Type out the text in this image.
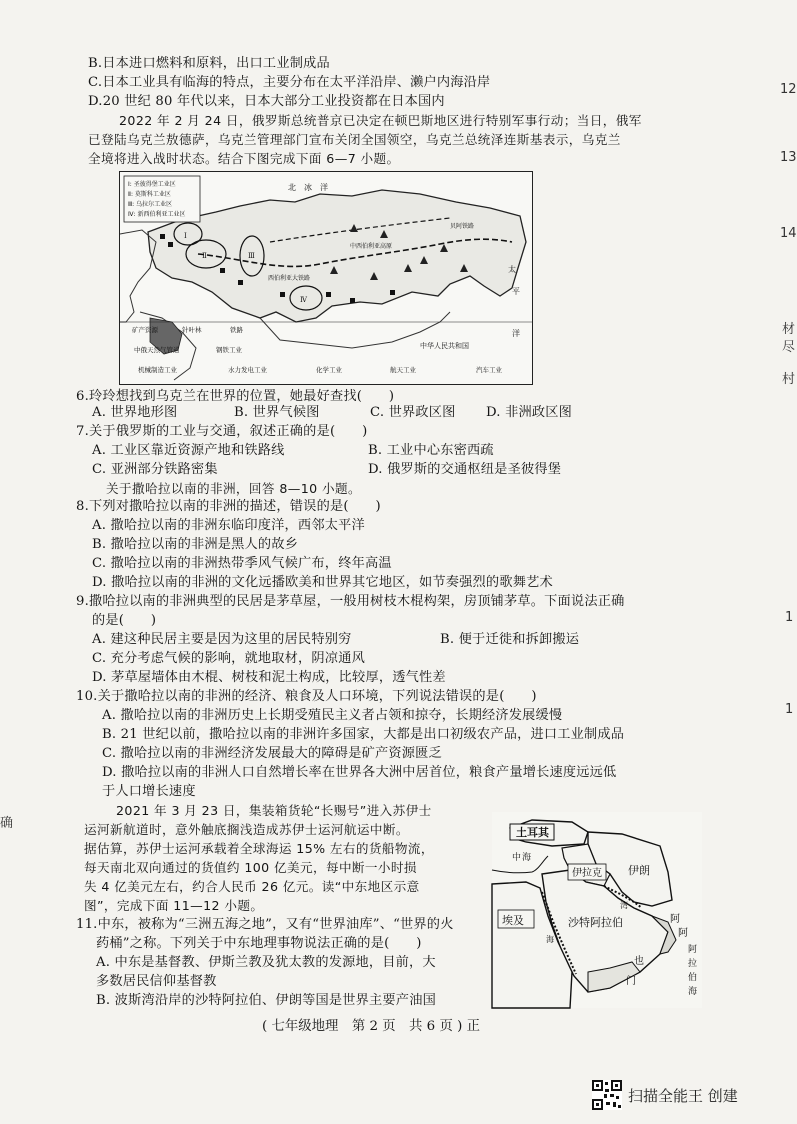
B.日本进口燃料和原料，出口工业制成品
C.日本工业具有临海的特点，主要分布在太平洋沿岸、濑户内海沿岸
D.20 世纪 80 年代以来，日本大部分工业投资都在日本国内
2022 年 2 月 24 日，俄罗斯总统普京已决定在顿巴斯地区进行特别军事行动；当日，俄军
已登陆乌克兰敖德萨，乌克兰管理部门宣布关闭全国领空，乌克兰总统泽连斯基表示，乌克兰
全境将进入战时状态。结合下图完成下面 6—7 小题。
Ⅰ: 圣彼得堡工业区
Ⅱ: 莫斯科工业区
Ⅲ: 乌拉尔工业区
Ⅳ: 新西伯利亚工业区
北　冰　洋
太
平
洋
中华人民共和国
西伯利亚大铁路
中西伯利亚高原
贝阿铁路
Ⅰ
Ⅱ	Ⅲ
Ⅳ
矿产资源	针叶林	铁路
中俄天然气管道	钢铁工业
机械制造工业	水力发电工业	化学工业	航天工业	汽车工业
6.玲玲想找到乌克兰在世界的位置，她最好查找(　　)
A. 世界地形图	B. 世界气候图	C. 世界政区图 D. 非洲政区图
7.关于俄罗斯的工业与交通，叙述正确的是(　　)
A. 工业区靠近资源产地和铁路线	B. 工业中心东密西疏
C. 亚洲部分铁路密集	D. 俄罗斯的交通枢纽是圣彼得堡
关于撒哈拉以南的非洲，回答 8—10 小题。
8.下列对撒哈拉以南的非洲的描述，错误的是(　　)
A. 撒哈拉以南的非洲东临印度洋，西邻太平洋
B. 撒哈拉以南的非洲是黑人的故乡
C. 撒哈拉以南的非洲热带季风气候广布，终年高温
D. 撒哈拉以南的非洲的文化远播欧美和世界其它地区，如节奏强烈的歌舞艺术
9.撒哈拉以南的非洲典型的民居是茅草屋，一般用树枝木棍构架，房顶铺茅草。下面说法正确
的是(　　)
A. 建这种民居主要是因为这里的居民特别穷	B. 便于迁徙和拆卸搬运
C. 充分考虑气候的影响，就地取材，阴凉通风
D. 茅草屋墙体由木棍、树枝和泥土构成，比较厚，透气性差
10.关于撒哈拉以南的非洲的经济、粮食及人口环境，下列说法错误的是(　　)
A. 撒哈拉以南的非洲历史上长期受殖民主义者占领和掠夺，长期经济发展缓慢
B. 21 世纪以前，撒哈拉以南的非洲许多国家，大都是出口初级农产品，进口工业制成品
C. 撒哈拉以南的非洲经济发展最大的障碍是矿产资源匮乏
D. 撒哈拉以南的非洲人口自然增长率在世界各大洲中居首位，粮食产量增长速度远远低
于人口增长速度
2021 年 3 月 23 日，集装箱货轮“长赐号”进入苏伊士
运河新航道时，意外触底搁浅造成苏伊士运河航运中断。
据估算，苏伊士运河承载着全球海运 15% 左右的货船物流，
每天南北双向通过的货值约 100 亿美元，每中断一小时损
失 4 亿美元左右，约合人民币 26 亿元。读“中东地区示意
图”，完成下面 11—12 小题。
11.中东，被称为“三洲五海之地”，又有“世界油库”、“世界的火
药桶”之称。下列关于中东地理事物说法正确的是(　　)
A. 中东是基督教、伊斯兰教及犹太教的发源地，目前，大
多数居民信仰基督教
B. 波斯湾沿岸的沙特阿拉伯、伊朗等国是世界主要产油国
土耳其
伊朗
伊拉克
埃及	沙特阿拉伯	阿
阿
也
门
中 海
阿
拉
伯
海
湾
海
( 七年级地理　第 2 页　共 6 页 ) 正
12
13
14
材
尽
村
1
1
确
扫描全能王 创建
